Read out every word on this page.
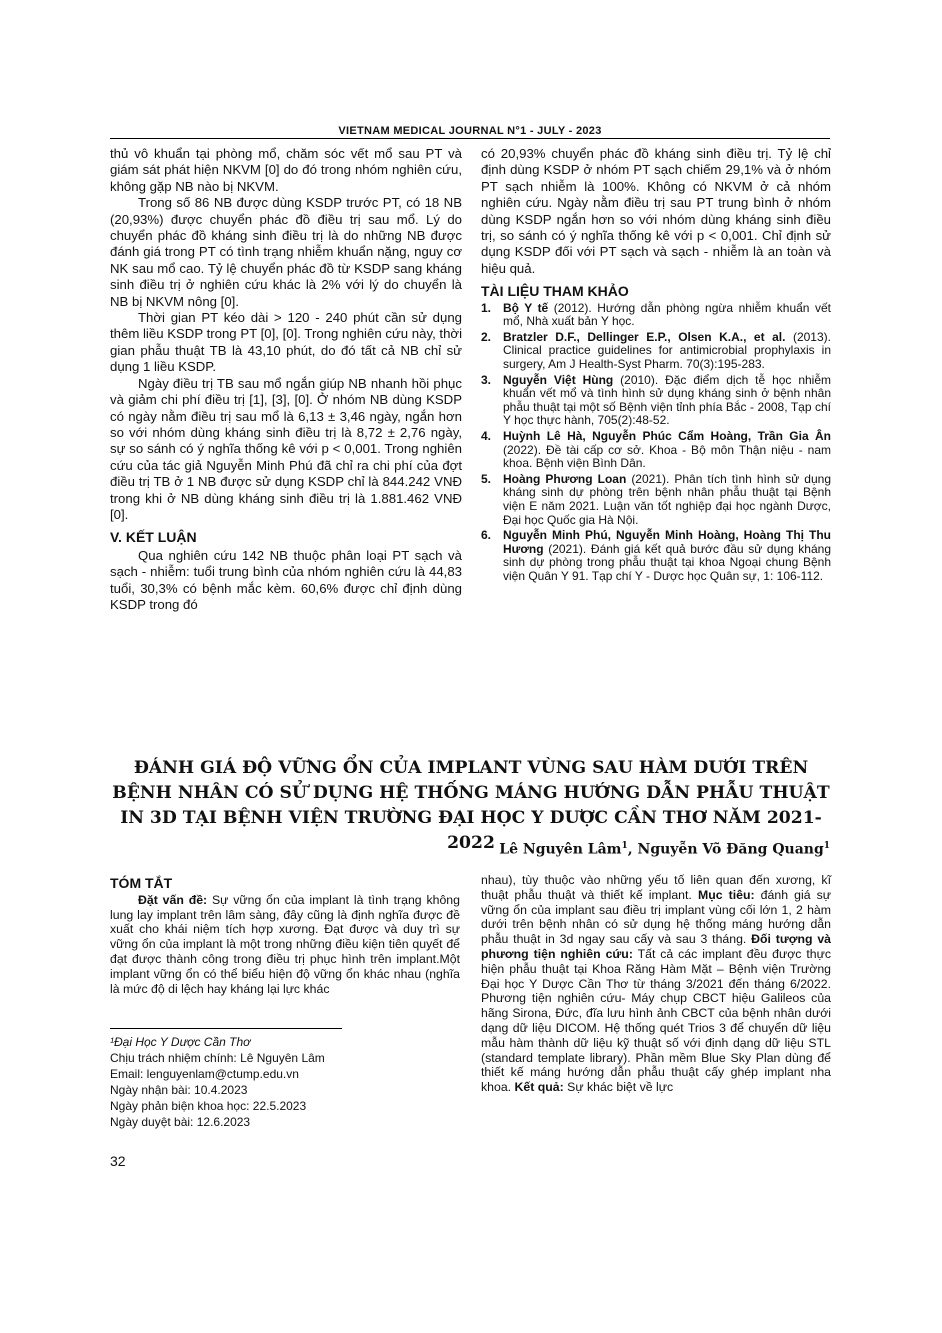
VIETNAM MEDICAL JOURNAL N°1 - JULY - 2023

thủ vô khuẩn tại phòng mổ, chăm sóc vết mổ sau PT và giám sát phát hiện NKVM [0] do đó trong nhóm nghiên cứu, không gặp NB nào bị NKVM.

Trong số 86 NB được dùng KSDP trước PT, có 18 NB (20,93%) được chuyển phác đồ điều trị sau mổ. Lý do chuyển phác đồ kháng sinh điều trị là do những NB được đánh giá trong PT có tình trạng nhiễm khuẩn nặng, nguy cơ NK sau mổ cao. Tỷ lệ chuyển phác đồ từ KSDP sang kháng sinh điều trị ở nghiên cứu khác là 2% với lý do chuyển là NB bị NKVM nông [0].

Thời gian PT kéo dài > 120 - 240 phút cần sử dụng thêm liều KSDP trong PT [0], [0]. Trong nghiên cứu này, thời gian phẫu thuật TB là 43,10 phút, do đó tất cả NB chỉ sử dụng 1 liều KSDP.

Ngày điều trị TB sau mổ ngắn giúp NB nhanh hồi phục và giảm chi phí điều trị [1], [3], [0]. Ở nhóm NB dùng KSDP có ngày nằm điều trị sau mổ là 6,13 ± 3,46 ngày, ngắn hơn so với nhóm dùng kháng sinh điều trị là 8,72 ± 2,76 ngày, sự so sánh có ý nghĩa thống kê với p < 0,001. Trong nghiên cứu của tác giả Nguyễn Minh Phú đã chỉ ra chi phí của đợt điều trị TB ở 1 NB được sử dụng KSDP chỉ là 844.242 VNĐ trong khi ở NB dùng kháng sinh điều trị là 1.881.462 VNĐ [0].

V. KẾT LUẬN

Qua nghiên cứu 142 NB thuộc phân loại PT sạch và sạch - nhiễm: tuổi trung bình của nhóm nghiên cứu là 44,83 tuổi, 30,3% có bệnh mắc kèm. 60,6% được chỉ định dùng KSDP trong đó

có 20,93% chuyển phác đồ kháng sinh điều trị. Tỷ lệ chỉ định dùng KSDP ở nhóm PT sạch chiếm 29,1% và ở nhóm PT sạch nhiễm là 100%. Không có NKVM ở cả nhóm nghiên cứu. Ngày nằm điều trị sau PT trung bình ở nhóm dùng KSDP ngắn hơn so với nhóm dùng kháng sinh điều trị, so sánh có ý nghĩa thống kê với p < 0,001. Chỉ định sử dụng KSDP đối với PT sạch và sạch - nhiễm là an toàn và hiệu quả.

TÀI LIỆU THAM KHẢO
1. Bộ Y tế (2012). Hướng dẫn phòng ngừa nhiễm khuẩn vết mổ, Nhà xuất bản Y học.
2. Bratzler D.F., Dellinger E.P., Olsen K.A., et al. (2013). Clinical practice guidelines for antimicrobial prophylaxis in surgery, Am J Health-Syst Pharm. 70(3):195-283.
3. Nguyễn Việt Hùng (2010). Đặc điểm dịch tễ học nhiễm khuẩn vết mổ và tình hình sử dụng kháng sinh ở bệnh nhân phẫu thuật tại một số Bệnh viện tỉnh phía Bắc - 2008, Tạp chí Y học thực hành, 705(2):48-52.
4. Huỳnh Lê Hà, Nguyễn Phúc Cẩm Hoàng, Trần Gia Ân (2022). Đề tài cấp cơ sở. Khoa - Bộ môn Thận niệu - nam khoa. Bệnh viện Bình Dân.
5. Hoàng Phương Loan (2021). Phân tích tình hình sử dụng kháng sinh dự phòng trên bệnh nhân phẫu thuật tại Bệnh viện E năm 2021. Luận văn tốt nghiệp đại học ngành Dược, Đại học Quốc gia Hà Nội.
6. Nguyễn Minh Phú, Nguyễn Minh Hoàng, Hoàng Thị Thu Hương (2021). Đánh giá kết quả bước đầu sử dụng kháng sinh dự phòng trong phẫu thuật tại khoa Ngoại chung Bệnh viện Quân Y 91. Tạp chí Y - Dược học Quân sự, 1: 106-112.
ĐÁNH GIÁ ĐỘ VỮNG ỔN CỦA IMPLANT VÙNG SAU HÀM DƯỚI TRÊN BỆNH NHÂN CÓ SỬ DỤNG HỆ THỐNG MÁNG HƯỚNG DẪN PHẪU THUẬT IN 3D TẠI BỆNH VIỆN TRƯỜNG ĐẠI HỌC Y DƯỢC CẦN THƠ NĂM 2021-2022 Lê Nguyên Lâm$^1$, Nguyễn Võ Đăng Quang$^1$
TÓM TẮT

Đặt vấn đề: Sự vững ổn của implant là tình trạng không lung lay implant trên lâm sàng, đây cũng là định nghĩa được đề xuất cho khái niệm tích hợp xương. Đạt được và duy trì sự vững ổn của implant là một trong những điều kiện tiên quyết để đạt được thành công trong điều trị phục hình trên implant.Một implant vững ổn có thể biểu hiện độ vững ổn khác nhau (nghĩa là mức độ di lệch hay kháng lại lực khác

nhau), tùy thuộc vào những yếu tố liên quan đến xương, kĩ thuật phẫu thuật và thiết kế implant. Mục tiêu: đánh giá sự vững ổn của implant sau điều trị implant vùng cối lớn 1, 2 hàm dưới trên bệnh nhân có sử dụng hệ thống máng hướng dẫn phẫu thuật in 3d ngay sau cấy và sau 3 tháng. Đối tượng và phương tiện nghiên cứu: Tất cả các implant đều được thực hiện phẫu thuật tại Khoa Răng Hàm Mặt – Bệnh viện Trường Đại học Y Dược Cần Thơ từ tháng 3/2021 đến tháng 6/2022. Phương tiện nghiên cứu- Máy chụp CBCT hiệu Galileos của hãng Sirona, Đức, đĩa lưu hình ảnh CBCT của bệnh nhân dưới dạng dữ liệu DICOM. Hệ thống quét Trios 3 để chuyển dữ liệu mẫu hàm thành dữ liệu kỹ thuật số với định dạng dữ liệu STL (standard template library). Phần mềm Blue Sky Plan dùng để thiết kế máng hướng dẫn phẫu thuật cấy ghép implant nha khoa. Kết quả: Sự khác biệt về lực

¹Đại Học Y Dược Cần Thơ
Chịu trách nhiệm chính: Lê Nguyên Lâm
Email: lenguyenlam@ctump.edu.vn
Ngày nhận bài: 10.4.2023
Ngày phản biện khoa học: 22.5.2023
Ngày duyệt bài: 12.6.2023
32
